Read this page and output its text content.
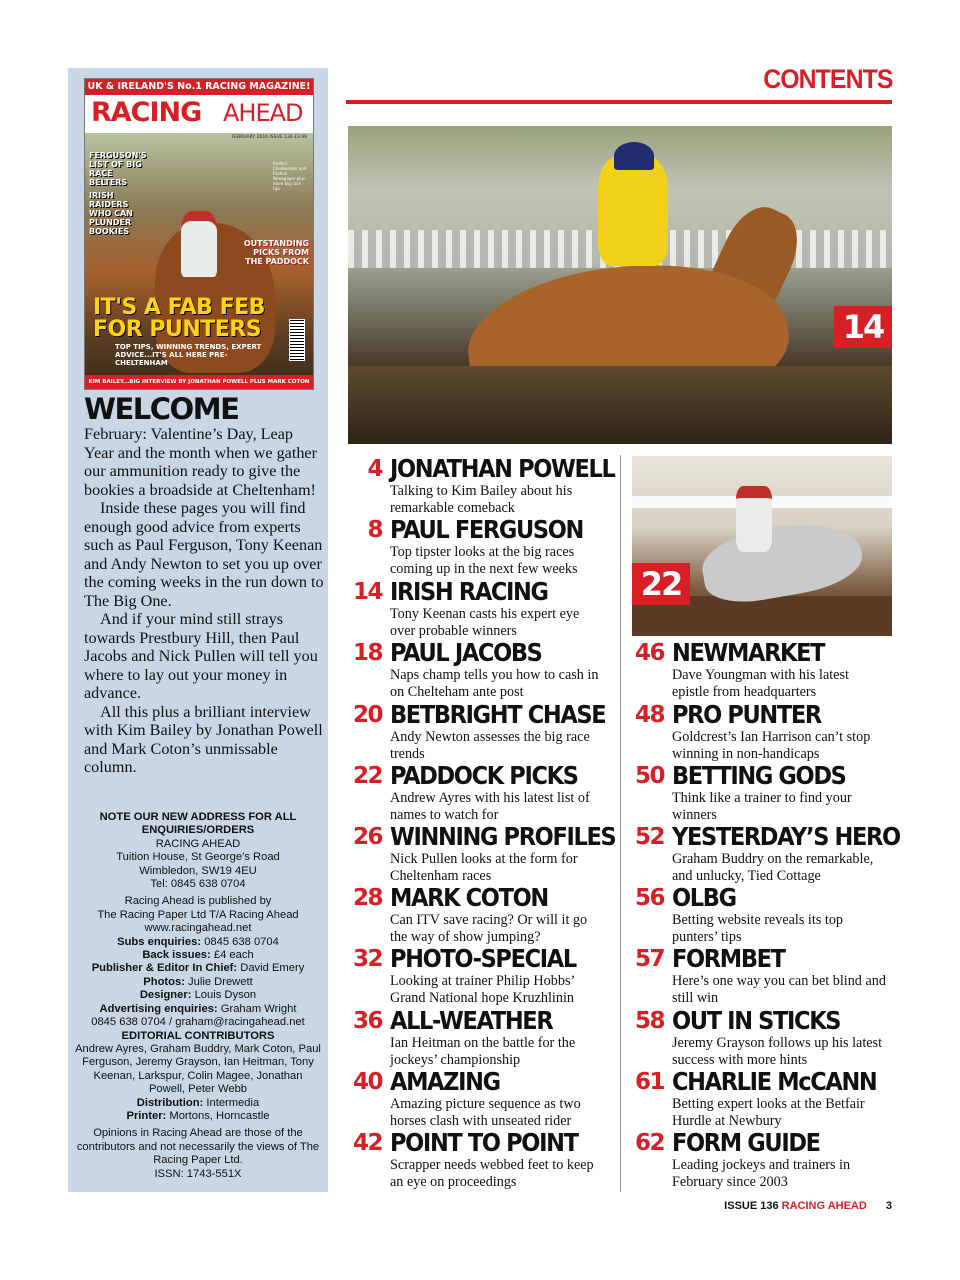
UK & IRELAND'S No.1 RACING MAGAZINE!
RACING AHEAD
FEBRUARY 2016 ISSUE 136 £3.99
FERGUSON'S LIST OF BIG RACE BELTERS
IRISH RAIDERS WHO CAN PLUNDER BOOKIES
Perfect Cheltenham and Festive Newspaper plus more big race tips
OUTSTANDING PICKS FROM THE PADDOCK
IT'S A FAB FEB
FOR PUNTERS
TOP TIPS, WINNING TRENDS, EXPERT ADVICE...IT'S ALL HERE PRE-CHELTENHAM
KIM BAILEY...BIG INTERVIEW BY JONATHAN POWELL PLUS MARK COTON
WELCOME

February: Valentine’s Day, Leap Year and the month when we gather our ammunition ready to give the bookies a broadside at Cheltenham!

Inside these pages you will find enough good advice from experts such as Paul Ferguson, Tony Keenan and Andy Newton to set you up over the coming weeks in the run down to The Big One.

And if your mind still strays towards Prestbury Hill, then Paul Jacobs and Nick Pullen will tell you where to lay out your money in advance.

All this plus a brilliant interview with Kim Bailey by Jonathan Powell and Mark Coton’s unmissable column.

NOTE OUR NEW ADDRESS FOR ALL ENQUIRIES/ORDERS
RACING AHEAD
Tuition House, St George’s Road
Wimbledon, SW19 4EU
Tel: 0845 638 0704
Racing Ahead is published by
The Racing Paper Ltd T/A Racing Ahead
www.racingahead.net
Subs enquiries: 0845 638 0704
Back issues: £4 each
Publisher & Editor In Chief: David Emery
Photos: Julie Drewett
Designer: Louis Dyson
Advertising enquiries: Graham Wright
0845 638 0704 / graham@racingahead.net
EDITORIAL CONTRIBUTORS
Andrew Ayres, Graham Buddry, Mark Coton, Paul Ferguson, Jeremy Grayson, Ian Heitman, Tony Keenan, Larkspur, Colin Magee, Jonathan Powell, Peter Webb
Distribution: Intermedia
Printer: Mortons, Horncastle
Opinions in Racing Ahead are those of the contributors and not necessarily the views of The Racing Paper Ltd.
ISSN: 1743-551X
CONTENTS
14
22
4 JONATHAN POWELL
Talking to Kim Bailey about his remarkable comeback
8 PAUL FERGUSON
Top tipster looks at the big races coming up in the next few weeks
14 IRISH RACING
Tony Keenan casts his expert eye over probable winners
18 PAUL JACOBS
Naps champ tells you how to cash in on Chelteham ante post
20 BETBRIGHT CHASE
Andy Newton assesses the big race trends
22 PADDOCK PICKS
Andrew Ayres with his latest list of names to watch for
26 WINNING PROFILES
Nick Pullen looks at the form for Cheltenham races
28 MARK COTON
Can ITV save racing? Or will it go the way of show jumping?
32 PHOTO-SPECIAL
Looking at trainer Philip Hobbs’ Grand National hope Kruzhlinin
36 ALL-WEATHER
Ian Heitman on the battle for the jockeys’ championship
40 AMAZING
Amazing picture sequence as two horses clash with unseated rider
42 POINT TO POINT
Scrapper needs webbed feet to keep an eye on proceedings
46 NEWMARKET
Dave Youngman with his latest epistle from headquarters
48 PRO PUNTER
Goldcrest’s Ian Harrison can’t stop winning in non-handicaps
50 BETTING GODS
Think like a trainer to find your winners
52 YESTERDAY’S HERO
Graham Buddry on the remarkable, and unlucky, Tied Cottage
56 OLBG
Betting website reveals its top punters’ tips
57 FORMBET
Here’s one way you can bet blind and still win
58 OUT IN STICKS
Jeremy Grayson follows up his latest success with more hints
61 CHARLIE McCANN
Betting expert looks at the Betfair Hurdle at Newbury
62 FORM GUIDE
Leading jockeys and trainers in February since 2003
ISSUE 136 RACING AHEAD 3
